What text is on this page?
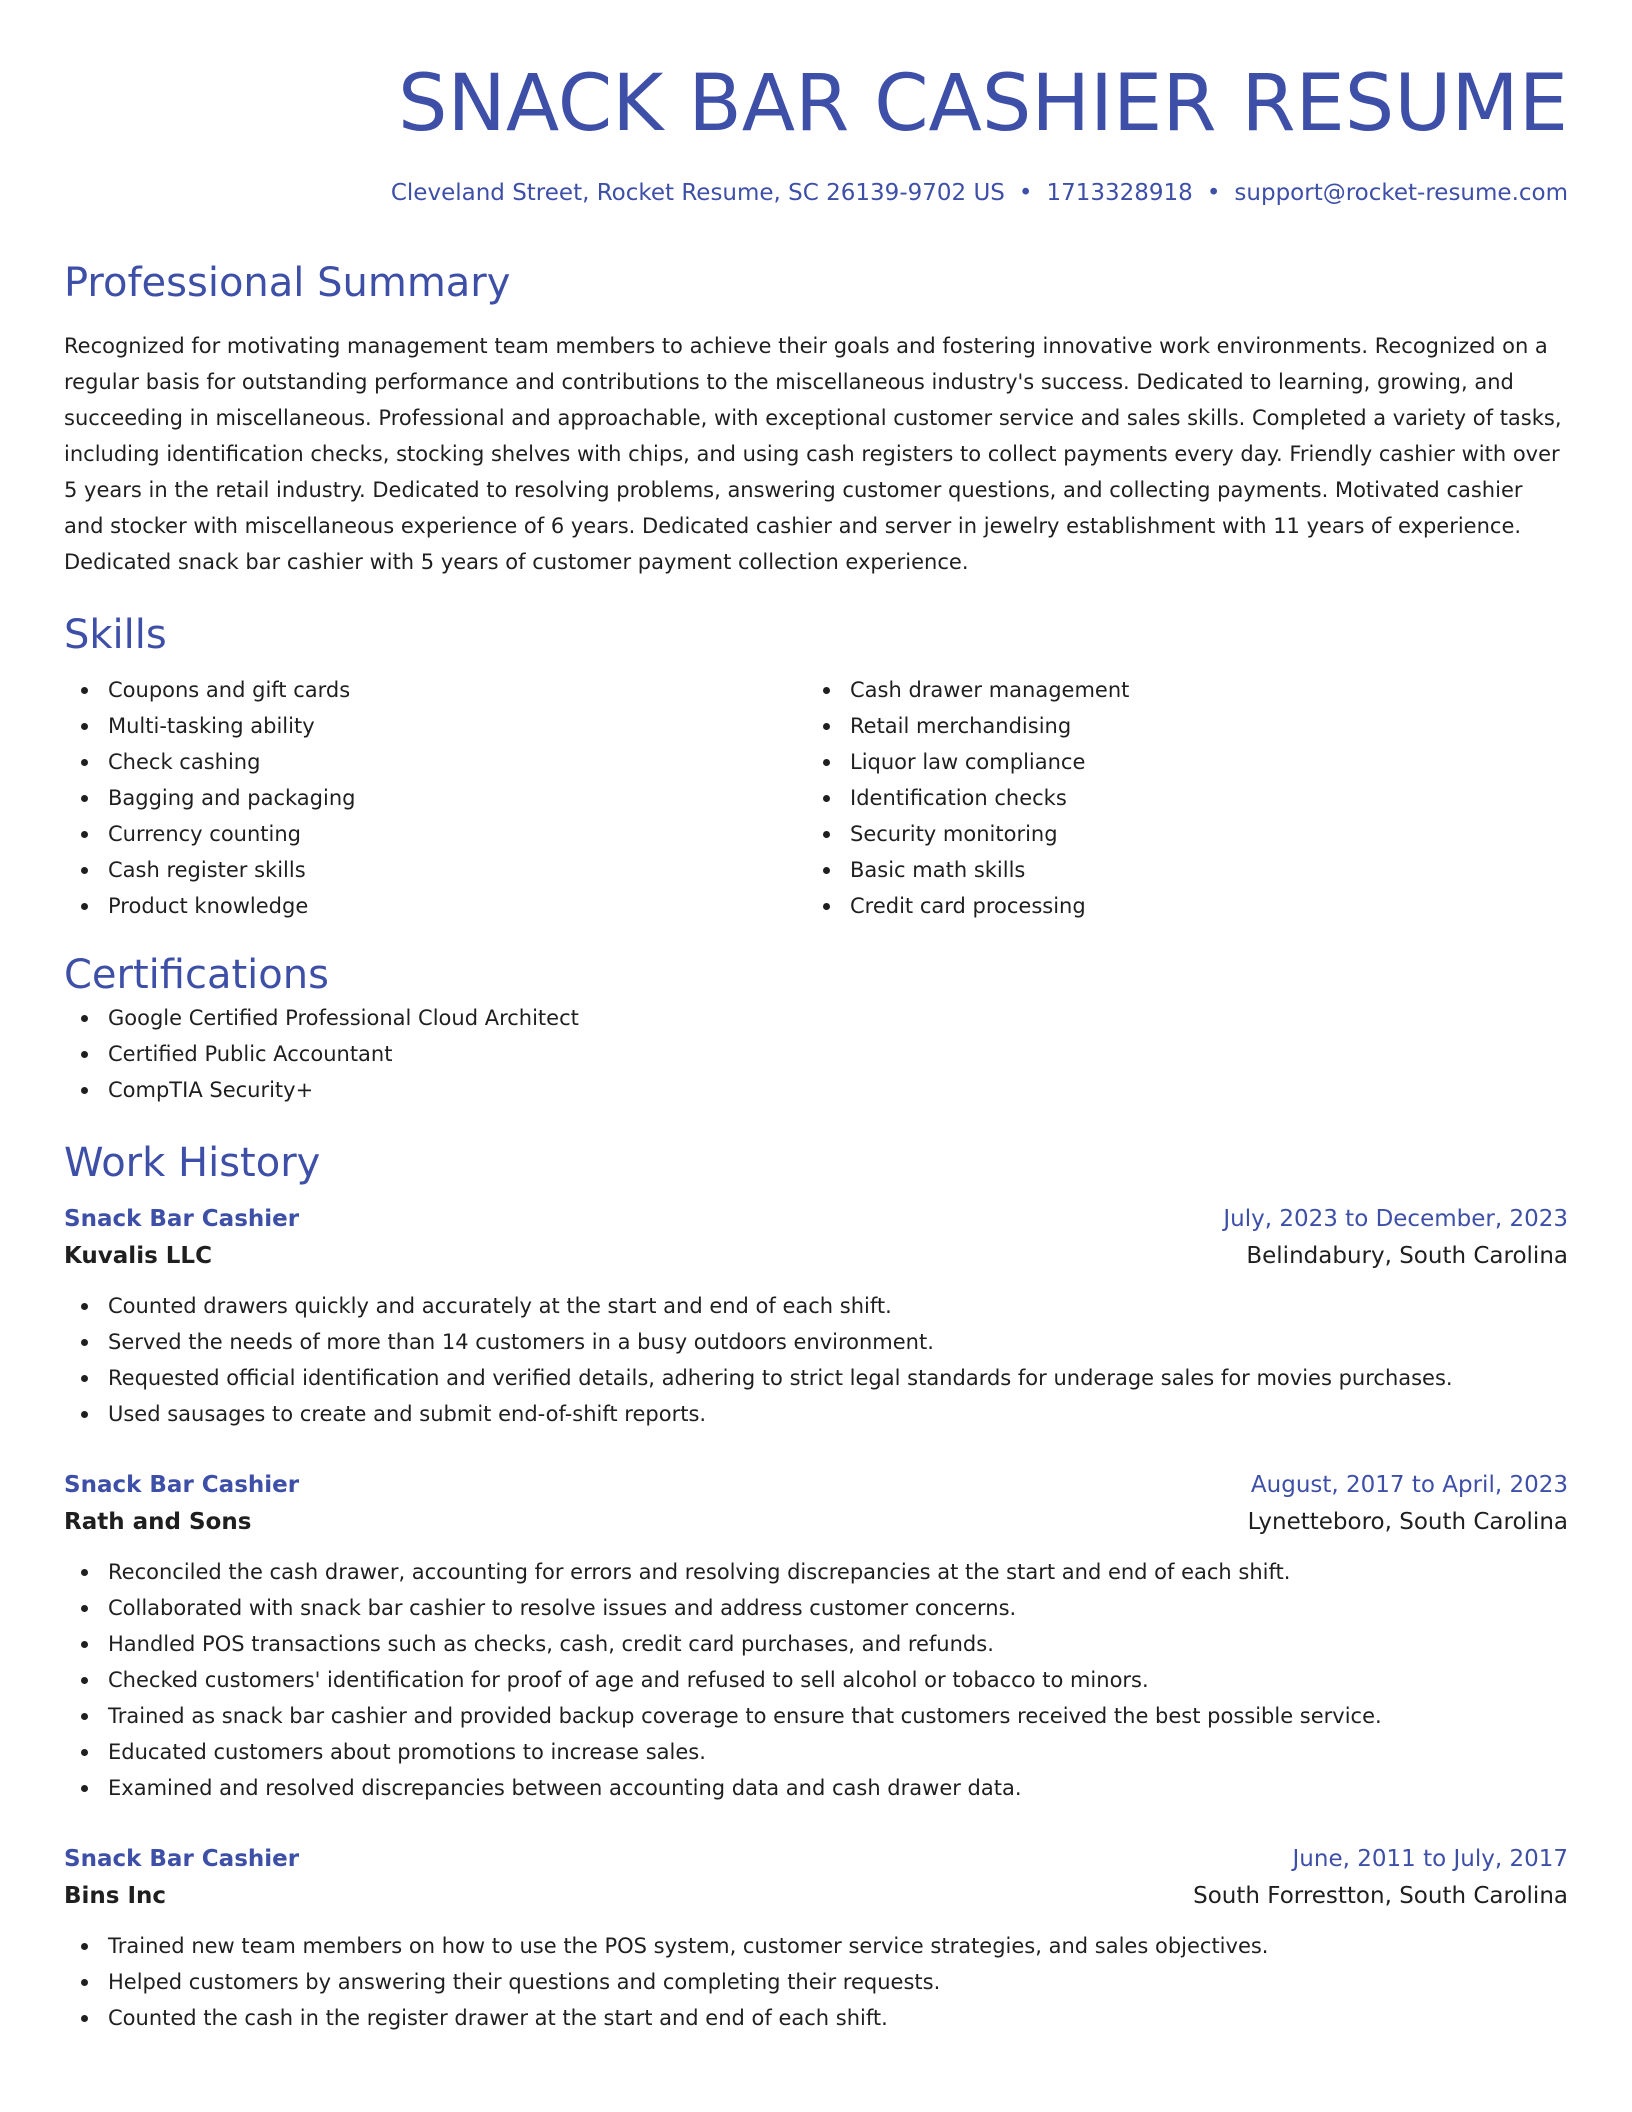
SNACK BAR CASHIER RESUME
Cleveland Street, Rocket Resume, SC 26139-9702 US • 1713328918 • support@rocket-resume.com
Professional Summary

Recognized for motivating management team members to achieve their goals and fostering innovative work environments. Recognized on a regular basis for outstanding performance and contributions to the miscellaneous industry's success. Dedicated to learning, growing, and succeeding in miscellaneous. Professional and approachable, with exceptional customer service and sales skills. Completed a variety of tasks, including identification checks, stocking shelves with chips, and using cash registers to collect payments every day. Friendly cashier with over 5 years in the retail industry. Dedicated to resolving problems, answering customer questions, and collecting payments. Motivated cashier and stocker with miscellaneous experience of 6 years. Dedicated cashier and server in jewelry establishment with 11 years of experience. Dedicated snack bar cashier with 5 years of customer payment collection experience.

Skills
Coupons and gift cards
Multi-tasking ability
Check cashing
Bagging and packaging
Currency counting
Cash register skills
Product knowledge
Cash drawer management
Retail merchandising
Liquor law compliance
Identification checks
Security monitoring
Basic math skills
Credit card processing
Certifications
Google Certified Professional Cloud Architect
Certified Public Accountant
CompTIA Security+
Work History
Snack Bar Cashier	July, 2023 to December, 2023
Kuvalis LLC	Belindabury, South Carolina
Counted drawers quickly and accurately at the start and end of each shift.
Served the needs of more than 14 customers in a busy outdoors environment.
Requested official identification and verified details, adhering to strict legal standards for underage sales for movies purchases.
Used sausages to create and submit end-of-shift reports.
Snack Bar Cashier	August, 2017 to April, 2023
Rath and Sons	Lynetteboro, South Carolina
Reconciled the cash drawer, accounting for errors and resolving discrepancies at the start and end of each shift.
Collaborated with snack bar cashier to resolve issues and address customer concerns.
Handled POS transactions such as checks, cash, credit card purchases, and refunds.
Checked customers' identification for proof of age and refused to sell alcohol or tobacco to minors.
Trained as snack bar cashier and provided backup coverage to ensure that customers received the best possible service.
Educated customers about promotions to increase sales.
Examined and resolved discrepancies between accounting data and cash drawer data.
Snack Bar Cashier	June, 2011 to July, 2017
Bins Inc	South Forrestton, South Carolina
Trained new team members on how to use the POS system, customer service strategies, and sales objectives.
Helped customers by answering their questions and completing their requests.
Counted the cash in the register drawer at the start and end of each shift.
